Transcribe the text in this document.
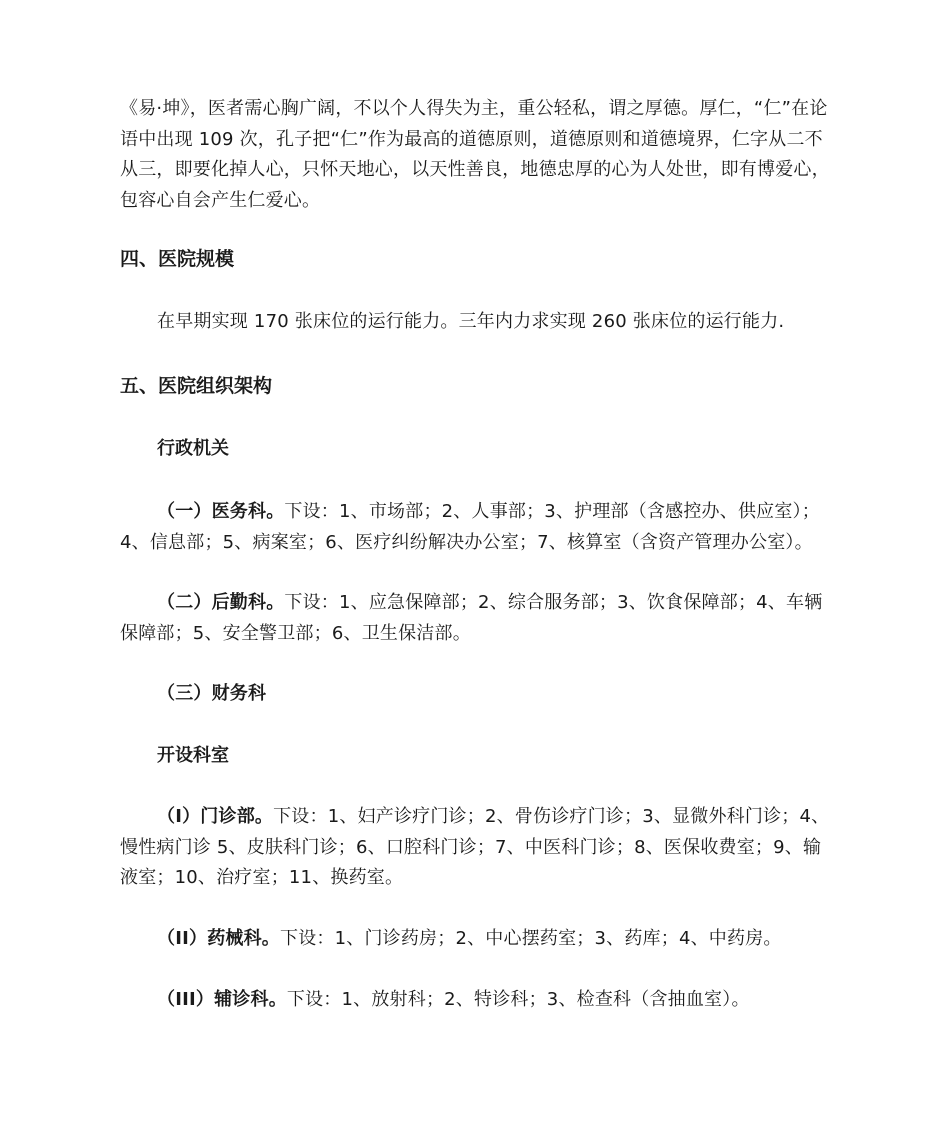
《易·坤》，医者需心胸广阔，不以个人得失为主，重公轻私，谓之厚德。厚仁，“仁”在论语中出现 109 次，孔子把“仁”作为最高的道德原则，道德原则和道德境界，仁字从二不从三，即要化掉人心，只怀天地心，以天性善良，地德忠厚的心为人处世，即有博爱心，包容心自会产生仁爱心。

四、医院规模

在早期实现 170 张床位的运行能力。三年内力求实现 260 张床位的运行能力.

五、医院组织架构
行政机关

（一）医务科。下设：1、市场部；2、人事部；3、护理部（含感控办、供应室）；4、信息部；5、病案室；6、医疗纠纷解决办公室；7、核算室（含资产管理办公室）。

（二）后勤科。下设：1、应急保障部；2、综合服务部；3、饮食保障部；4、车辆保障部；5、安全警卫部；6、卫生保洁部。

（三）财务科

开设科室

（I）门诊部。下设：1、妇产诊疗门诊；2、骨伤诊疗门诊；3、显微外科门诊；4、慢性病门诊 5、皮肤科门诊；6、口腔科门诊；7、中医科门诊；8、医保收费室；9、输液室；10、治疗室；11、换药室。

（II）药械科。下设：1、门诊药房；2、中心摆药室；3、药库；4、中药房。

（III）辅诊科。下设：1、放射科；2、特诊科；3、检查科（含抽血室）。
